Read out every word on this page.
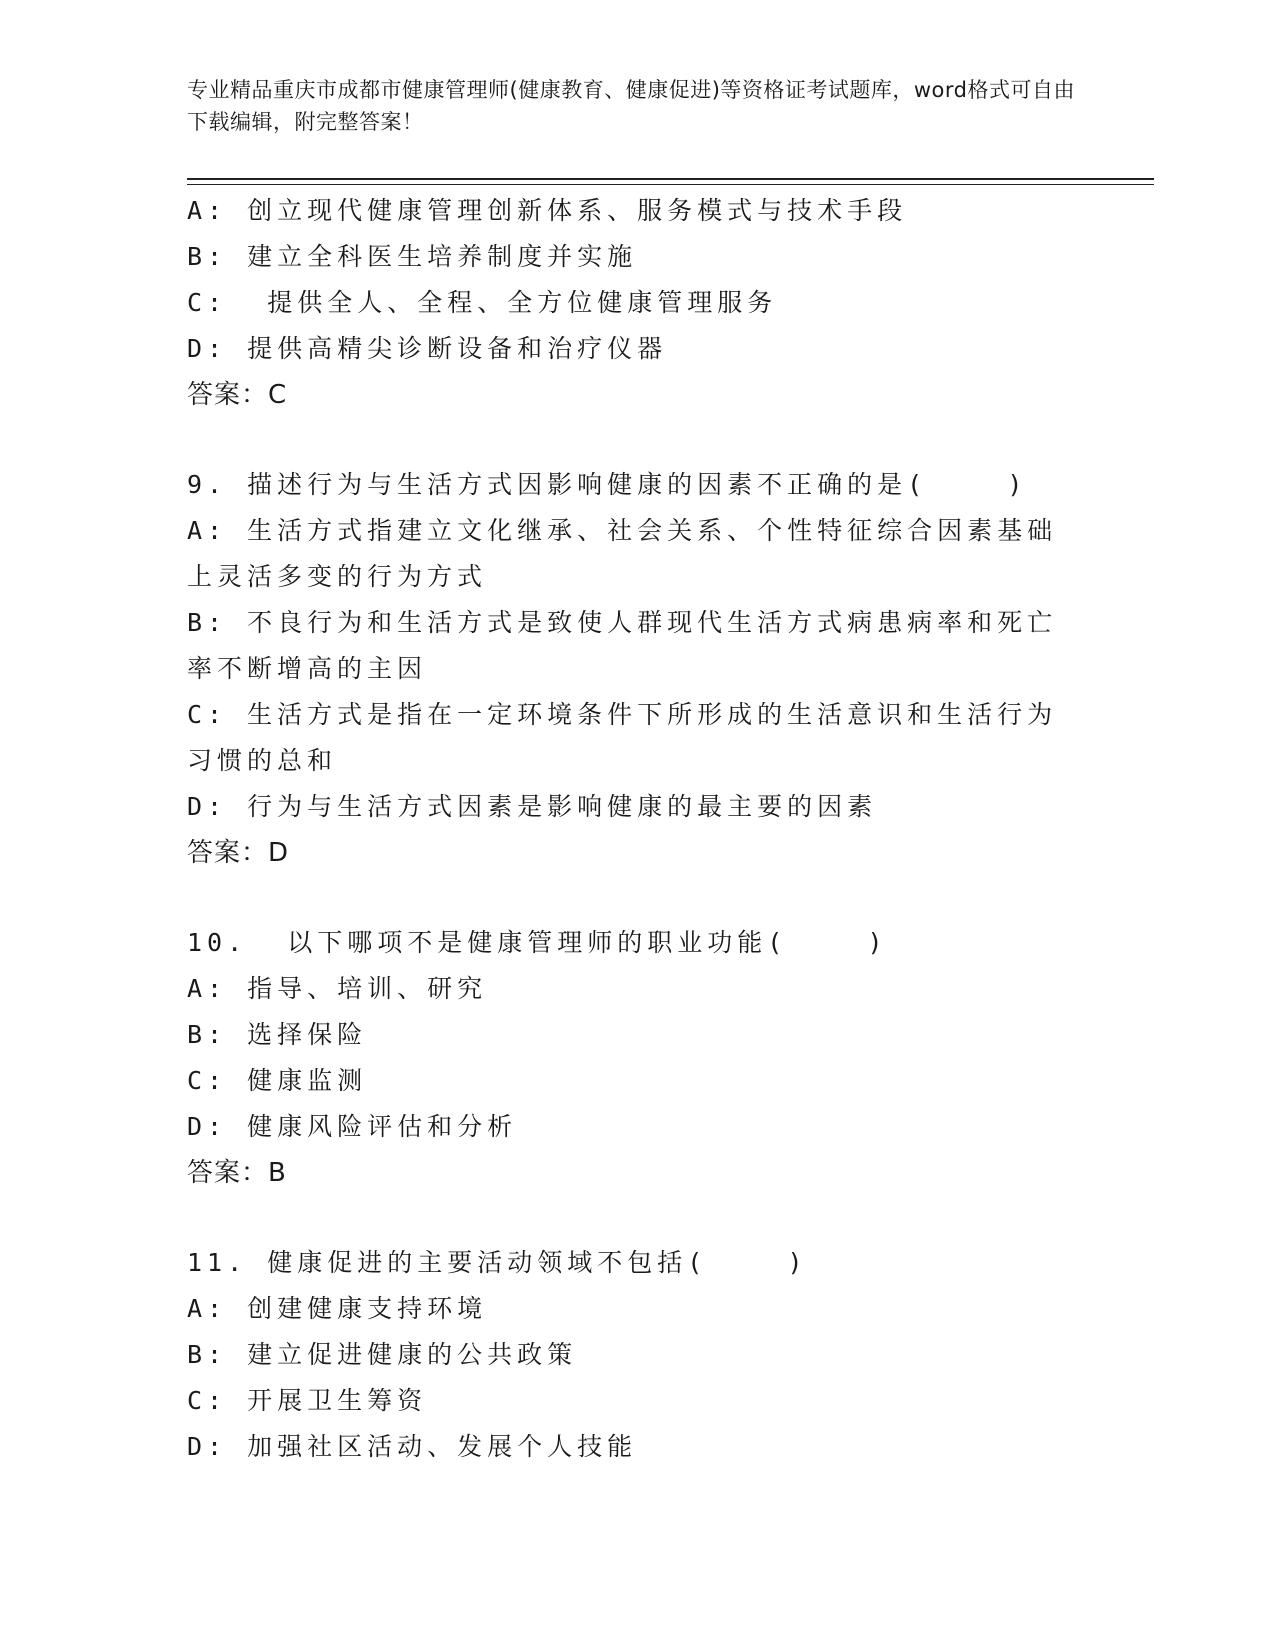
专业精品重庆市成都市健康管理师(健康教育、健康促进)等资格证考试题库，word格式可自由下载编辑，附完整答案！
A: 创立现代健康管理创新体系、服务模式与技术手段
B: 建立全科医生培养制度并实施
C:  提供全人、全程、全方位健康管理服务
D: 提供高精尖诊断设备和治疗仪器
答案：C
9. 描述行为与生活方式因影响健康的因素不正确的是(    )
A: 生活方式指建立文化继承、社会关系、个性特征综合因素基础上灵活多变的行为方式
B: 不良行为和生活方式是致使人群现代生活方式病患病率和死亡率不断增高的主因
C: 生活方式是指在一定环境条件下所形成的生活意识和生活行为习惯的总和
D: 行为与生活方式因素是影响健康的最主要的因素
答案：D
10.  以下哪项不是健康管理师的职业功能(    )
A: 指导、培训、研究
B: 选择保险
C: 健康监测
D: 健康风险评估和分析
答案：B
11. 健康促进的主要活动领域不包括(    )
A: 创建健康支持环境
B: 建立促进健康的公共政策
C: 开展卫生筹资
D: 加强社区活动、发展个人技能
